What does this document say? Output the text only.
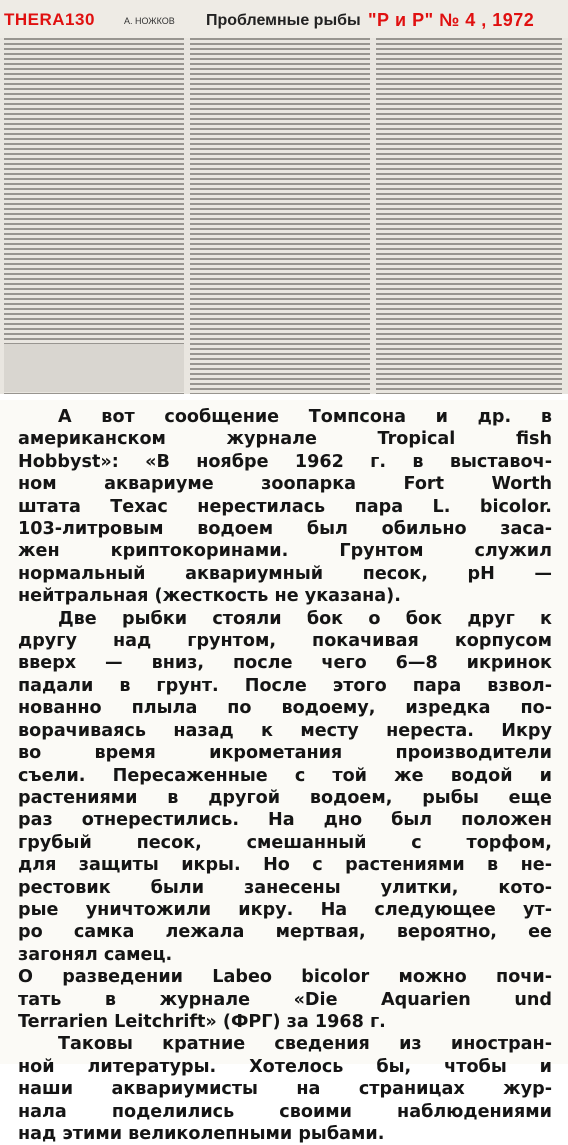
THERA130	А. НОЖКОВ Проблемные рыбы "Р и Р" № 4 , 1972
А вот сообщение Томпсона и др. в
американском журнале Tropical fish
Hobbyst»: «В ноябре 1962 г. в выставоч-
ном аквариуме зоопарка Fort Worth
штата Техас нерестилась пара L. bicolor.
103-литровым водоем был обильно заса-
жен криптокоринами. Грунтом служил
нормальный аквариумный песок, pH —
нейтральная (жесткость не указана).
Две рыбки стояли бок о бок друг к
другу над грунтом, покачивая корпусом
вверх — вниз, после чего 6—8 икринок
падали в грунт. После этого пара взвол-
нованно плыла по водоему, изредка по-
ворачиваясь назад к месту нереста. Икру
во время икрометания производители
съели. Пересаженные с той же водой и
растениями в другой водоем, рыбы еще
раз отнерестились. На дно был положен
грубый песок, смешанный с торфом,
для защиты икры. Но с растениями в не-
рестовик были занесены улитки, кото-
рые уничтожили икру. На следующее ут-
ро самка лежала мертвая, вероятно, ее
загонял самец.
О разведении Labeo bicolor можно почи-
тать в журнале «Die Aquarien und
Terrarien Leitchrift» (ФРГ) за 1968 г.
Таковы кратние сведения из иностран-
ной литературы. Хотелось бы, чтобы и
наши аквариумисты на страницах жур-
нала поделились своими наблюдениями
над этими великолепными рыбами.
